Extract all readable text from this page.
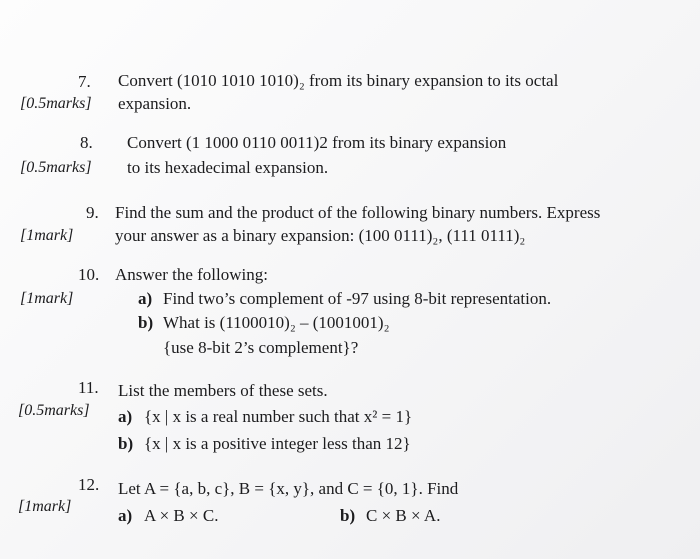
7. Convert (1010 1010 1010)₂ from its binary expansion to its octal
[0.5marks] expansion.
8. Convert (1 1000 0110 0011)2 from its binary expansion
[0.5marks] to its hexadecimal expansion.
9. Find the sum and the product of the following binary numbers. Express
[1mark] your answer as a binary expansion: (100 0111)₂, (111 0111)₂
10. Answer the following:
[1mark]	a) Find two’s complement of -97 using 8-bit representation.
b) What is (1100010)₂ – (1001001)₂
{use 8-bit 2’s complement}?
11. List the members of these sets.
[0.5marks] a) {x | x is a real number such that x² = 1}
b) {x | x is a positive integer less than 12}
12. Let A = {a, b, c}, B = {x, y}, and C = {0, 1}. Find
[1mark]	a) A × B × C.	b) C × B × A.
